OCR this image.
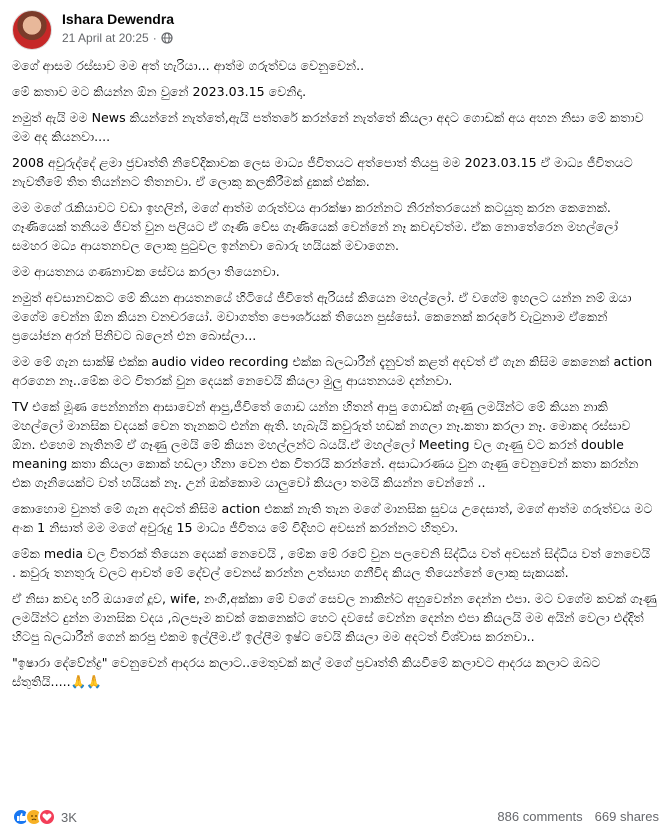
Ishara Dewendra
21 April at 20:25 ·

මගේ ආසම රස්සාව මම අත් හැරියා... ආත්ම ගරුත්වය වෙනුවෙන්..

මේ කතාව මට කියන්න ඕන වුනේ 2023.03.15 වෙනිදා.

නමුත් ඇයි මම News කියන්නේ නැත්තේ,ඇයි පත්තරේ කරන්නේ නැත්තේ කියලා අදට ගොඩක් අය අහන නිසා මේ කතාව මම අද කියනවා....

2008 අවුරුද්දේ ළමා ජ්‍රවෘත්ති නිවේදිකාවක ලෙස මාධ්‍ය ජීවිතයට අත්පොත් තියපු මම 2023.03.15 ඒ මාධ්‍ය ජීවිතයට නැවතීමේ තිත තියන්නට තිතනවා. ඒ ලොකු කලකිරීමක් දුකක් එක්ක.

මම මගේ රැකියාවට වඩා ඉහලින්, මගේ ආත්ම ගරුත්වය ආරක්ෂා කරන්නට නිරන්තරයෙන් කටයුතු කරන කෙනෙක්. ගෑණියෙක් තනියම ජීවත් වුන පලියට ඒ ගෑණි වේස ගෑණියෙක් වෙන්නේ නෑ කවදාවත්ම. ඒක නොතේරෙන මහල්ලෝ සමහර මධ්‍ය ආයතනවල ලොකු පුටුවල ඉන්නවා බොරු හයියක් මවාගෙන.

මම ආයතනය ගණනාවක සේවය කරලා තියෙනවා.

නමුත් අවසානවකට මේ කියන ආයතනයේ හිටියේ ජීවිතේ ඇරියස් කියෙන මහල්ලෝ. ඒ වගේම ඉහලට යන්න නම් ඔයා මගේම වෙන්න ඕන කියන වනචරයෝ. මවාගත්ත පෞර්ශයක් තියෙන පුස්සෝ. කෙනෙක් කරදරේ වැටුනාම ඒකෙන් ප්‍රයෝජන අරන් පිනිවට බලෙන් එන බොස්ලා...

මම මේ ගැන සාක්ෂි එක්ක audio video recording එක්ක බලධාරීන් දැනුවත් කළත් අදවත් ඒ ගැන කිසිම කෙනෙක් action අරගෙන නෑ..මේක මට විතරක් වුන දෙයක් නෙවෙයි කියලා මුලු ආයතනයම දන්නවා.

TV එකේ මූණ පෙන්නන්න ආසාවෙන් ආපු,ජීවිතේ ගොඩ යන්න හිතන් ආපු ගොඩක් ගෑණු ලමයින්ට මේ කියන නාකි මහල්ලෝ මානසික වදයක් වෙන තැනකට එන්න ඇති. හැබැයි කවුරුත් හඩක් නගලා නෑ.කතා කරලා නෑ. මොකද රස්සාව ඕන. එහෙම නැතිනම් ඒ ගෑණු ලමයි මේ කියන මහල්ලන්ට බයයි.ඒ මහල්ලෝ Meeting වල ගෑණු වට කරන් double meaning කතා කියලා කොක් හඩලා හිනා වෙන එක විතරයි කරන්නේ. අසාධාරණය වුන ගෑණු වෙනුවෙන් කතා කරන්න එක ගෑනියෙක්ට වත් හයියක් නෑ. උන් ඔක්කොම යාලුවෝ කියලා තමයි කියන්න වෙන්නේ ..

කොහොම වුනත් මේ ගැන අදටත් කිසිම action එකක් නැති තැන මගේ මානසික සුවය උදෙසාත්, මගේ ආත්ම ගරුත්වය මට අංක 1 නිසාත් මම මගේ අවුරුදු 15 මාධ්‍ය ජීවිතය මේ විදිහට අවසන් කරන්නට හිතුවා.

මේක media වල විතරක් තියෙන දෙයක් නෙවෙයි , මේක මේ රටේ වුන පලවෙනි සිද්ධිය වත් අවසන් සිද්ධිය වත් නෙවෙයි . කවුරු තනතුරු වලට ආවත් මේ දේවල් වෙනස් කරන්න උත්සාහ ගනීවිද කියල තියෙන්නේ ලොකු සැකයක්.

ඒ නිසා කවදා හරි ඔයාගේ දූව, wife, නංගි,අක්කා මේ වගේ සෙවල නාකින්ට අහුවෙන්න දෙන්න එපා. මට වගේම කවක් ගෑණු ලමයින්ට දුන්න මානසික වදය ,බලපෑම කවක් කෙනෙක්ට හෙට දවසේ වෙන්න දෙන්න එපා කියලයි මම අයින් වෙලා එද්දිත් හිටපු බලධාරීන් ගෙන් කරපු එකම ඉල්ලීම.ඒ ඉල්ලීම ඉෂ්ට වෙයි කියලා මම අදටත් විශ්වාස කරනවා..

"ඉෂාරා දේවේන්ද්‍ර" වෙනුවෙන් ආදරය කලාට..මෙතුවක් කල් මගේ ප්‍රවෘත්ති කියවීමේ කලාවට ආදරය කලාට ඔබට ස්තුතියි.....🙏🙏

3K	886 comments 669 shares
